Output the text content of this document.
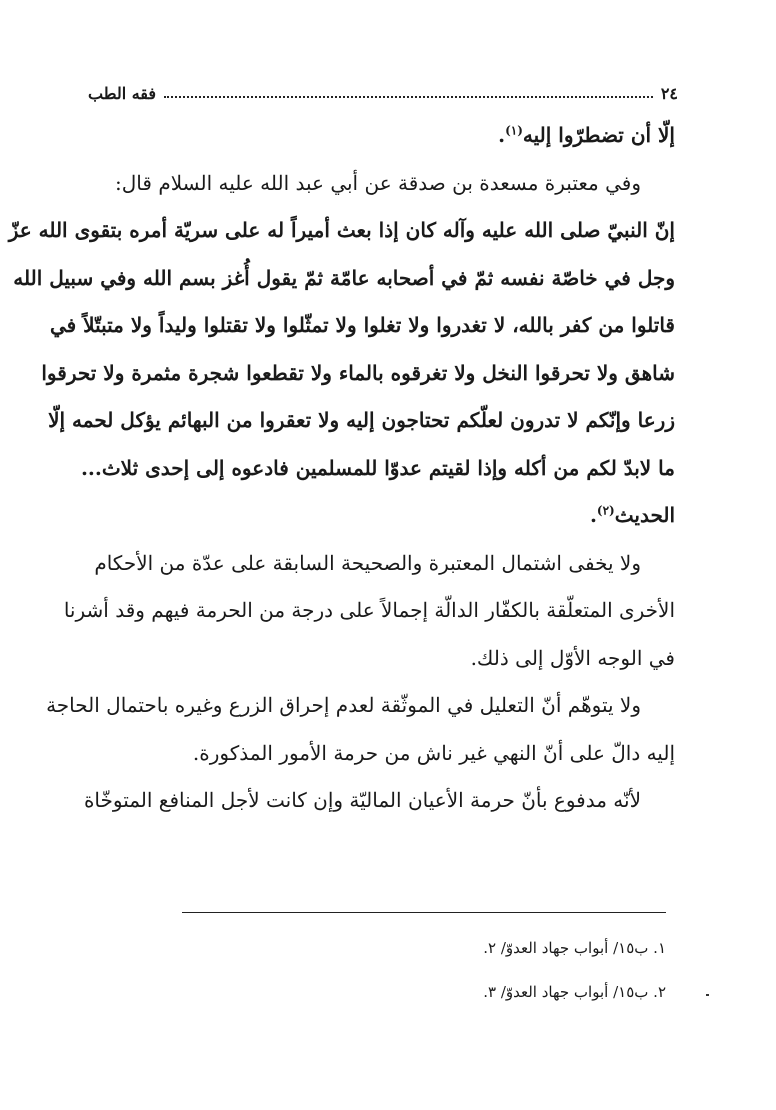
٢٤
فقه الطب
إلّا أن تضطرّوا إليه$^{(١)}$.
وفي معتبرة مسعدة بن صدقة عن أبي عبد الله عليه السلام قال:
إنّ النبيّ صلى الله عليه وآله كان إذا بعث أميراً له على سريّة أمره بتقوى الله عزّ
وجل في خاصّة نفسه ثمّ في أصحابه عامّة ثمّ يقول أُغز بسم الله وفي سبيل الله
قاتلوا من كفر بالله، لا تغدروا ولا تغلوا ولا تمثّلوا ولا تقتلوا وليداً ولا متبتّلاً في
شاهق ولا تحرقوا النخل ولا تغرقوه بالماء ولا تقطعوا شجرة مثمرة ولا تحرقوا
زرعا وإنّكم لا تدرون لعلّكم تحتاجون إليه ولا تعقروا من البهائم يؤكل لحمه إلّا
ما لابدّ لكم من أكله وإذا لقيتم عدوّا للمسلمين فادعوه إلى إحدى ثلاث...
الحديث$^{(٢)}$.
ولا يخفى اشتمال المعتبرة والصحيحة السابقة على عدّة من الأحكام
الأخرى المتعلّقة بالكفّار الدالّة إجمالاً على درجة من الحرمة فيهم وقد أشرنا
في الوجه الأوّل إلى ذلك.
ولا يتوهّم أنّ التعليل في الموثّقة لعدم إحراق الزرع وغيره باحتمال الحاجة
إليه دالّ على أنّ النهي غير ناش من حرمة الأمور المذكورة.
لأنّه مدفوع بأنّ حرمة الأعيان الماليّة وإن كانت لأجل المنافع المتوخّاة
١. ب١٥/ أبواب جهاد العدوّ/ ٢.
٢. ب١٥/ أبواب جهاد العدوّ/ ٣.
